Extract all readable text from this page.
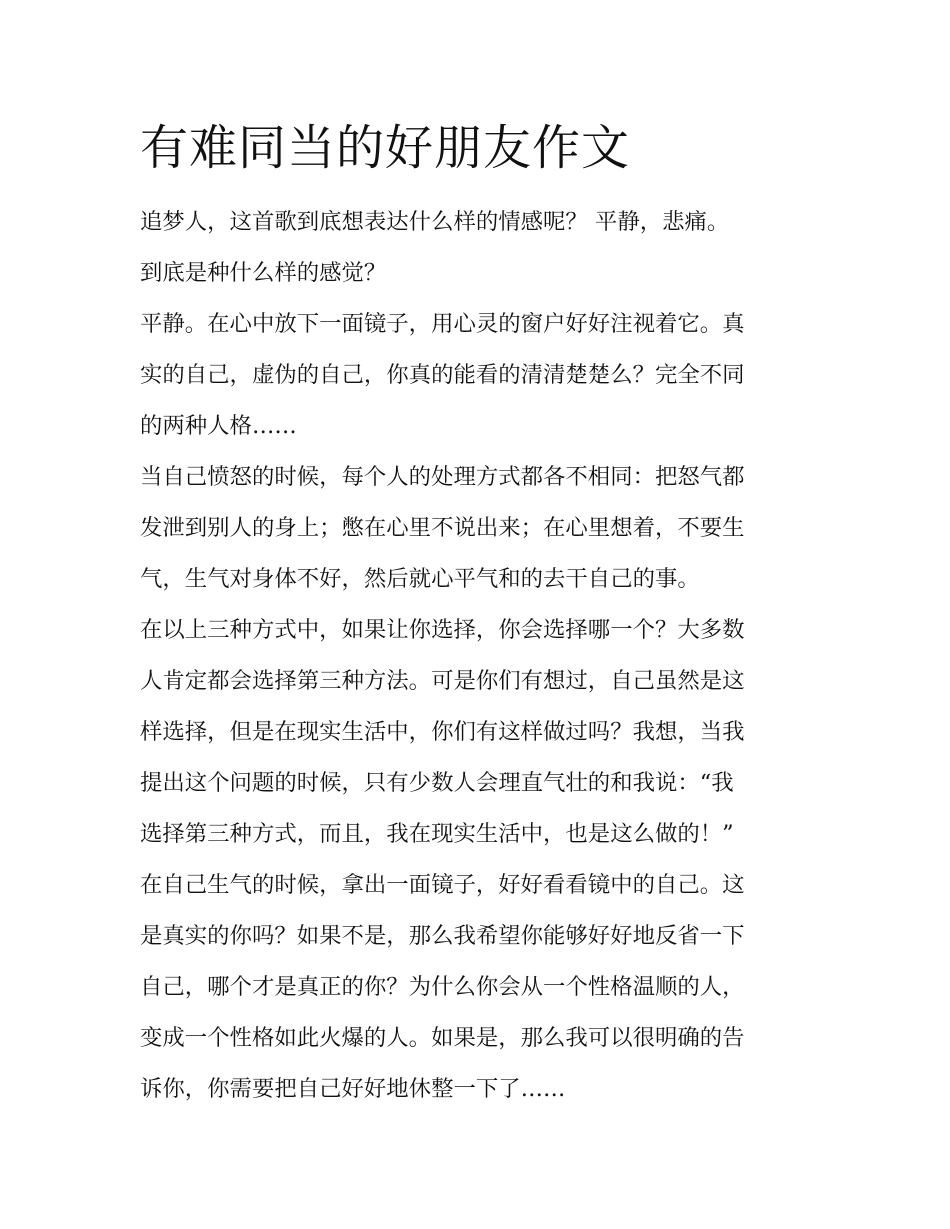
有难同当的好朋友作文

追梦人，这首歌到底想表达什么样的情感呢？ 平静，悲痛。

到底是种什么样的感觉？

平静。在心中放下一面镜子，用心灵的窗户好好注视着它。真

实的自己，虚伪的自己，你真的能看的清清楚楚么？完全不同

的两种人格……

当自己愤怒的时候，每个人的处理方式都各不相同：把怒气都

发泄到别人的身上；憋在心里不说出来；在心里想着，不要生

气，生气对身体不好，然后就心平气和的去干自己的事。

在以上三种方式中，如果让你选择，你会选择哪一个？大多数

人肯定都会选择第三种方法。可是你们有想过，自己虽然是这

样选择，但是在现实生活中，你们有这样做过吗？我想，当我

提出这个问题的时候，只有少数人会理直气壮的和我说：“我

选择第三种方式，而且，我在现实生活中，也是这么做的！”

在自己生气的时候，拿出一面镜子，好好看看镜中的自己。这

是真实的你吗？如果不是，那么我希望你能够好好地反省一下

自己，哪个才是真正的你？为什么你会从一个性格温顺的人，

变成一个性格如此火爆的人。如果是，那么我可以很明确的告

诉你，你需要把自己好好地休整一下了……
